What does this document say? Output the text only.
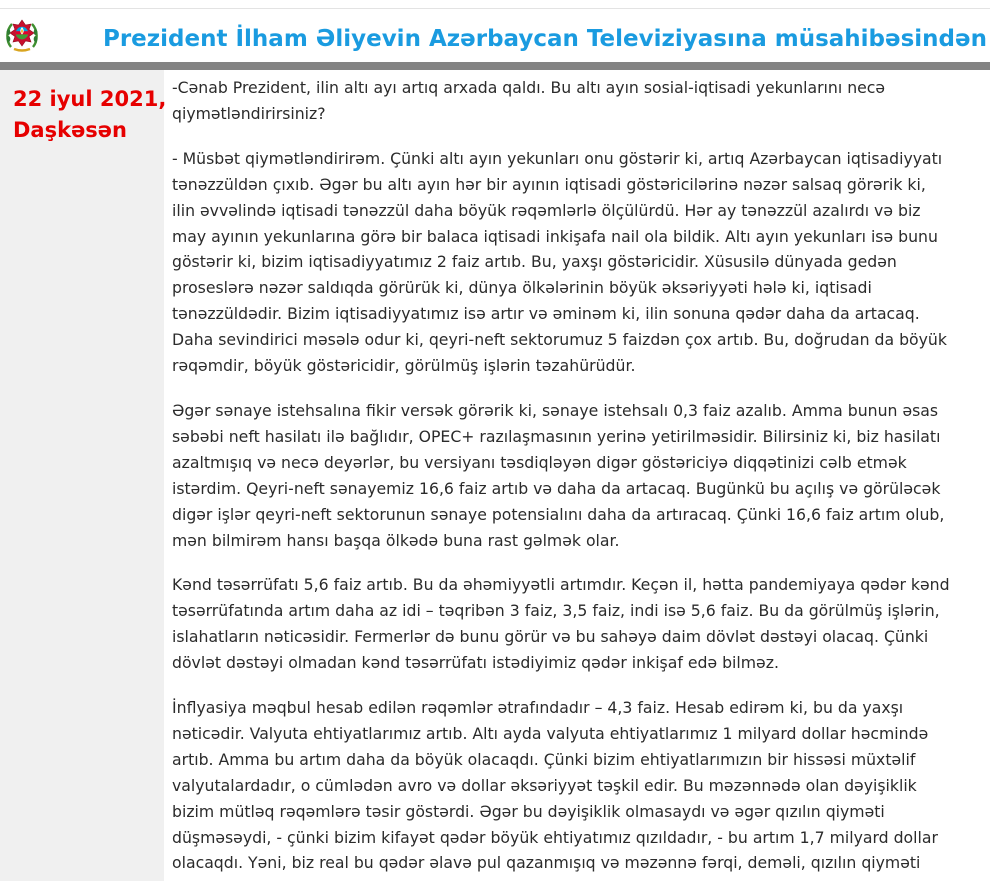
Prezident İlham Əliyevin Azərbaycan Televiziyasına müsahibəsindən
22 iyul 2021,
Daşkəsən

-Cənab Prezident, ilin altı ayı artıq arxada qaldı. Bu altı ayın sosial-iqtisadi yekunlarını necə qiymətləndirirsiniz?

- Müsbət qiymətləndirirəm. Çünki altı ayın yekunları onu göstərir ki, artıq Azərbaycan iqtisadiyyatı tənəzzüldən çıxıb. Əgər bu altı ayın hər bir ayının iqtisadi göstəricilərinə nəzər salsaq görərik ki, ilin əvvəlində iqtisadi tənəzzül daha böyük rəqəmlərlə ölçülürdü. Hər ay tənəzzül azalırdı və biz may ayının yekunlarına görə bir balaca iqtisadi inkişafa nail ola bildik. Altı ayın yekunları isə bunu göstərir ki, bizim iqtisadiyyatımız 2 faiz artıb. Bu, yaxşı göstəricidir. Xüsusilə dünyada gedən proseslərə nəzər saldıqda görürük ki, dünya ölkələrinin böyük əksəriyyəti hələ ki, iqtisadi tənəzzüldədir. Bizim iqtisadiyyatımız isə artır və əminəm ki, ilin sonuna qədər daha da artacaq. Daha sevindirici məsələ odur ki, qeyri-neft sektorumuz 5 faizdən çox artıb. Bu, doğrudan da böyük rəqəmdir, böyük göstəricidir, görülmüş işlərin təzahürüdür.

Əgər sənaye istehsalına fikir versək görərik ki, sənaye istehsalı 0,3 faiz azalıb. Amma bunun əsas səbəbi neft hasilatı ilə bağlıdır, OPEC+ razılaşmasının yerinə yetirilməsidir. Bilirsiniz ki, biz hasilatı azaltmışıq və necə deyərlər, bu versiyanı təsdiqləyən digər göstəriciyə diqqətinizi cəlb etmək istərdim. Qeyri-neft sənayemiz 16,6 faiz artıb və daha da artacaq. Bugünkü bu açılış və görüləcək digər işlər qeyri-neft sektorunun sənaye potensialını daha da artıracaq. Çünki 16,6 faiz artım olub, mən bilmirəm hansı başqa ölkədə buna rast gəlmək olar.

Kənd təsərrüfatı 5,6 faiz artıb. Bu da əhəmiyyətli artımdır. Keçən il, hətta pandemiyaya qədər kənd təsərrüfatında artım daha az idi – təqribən 3 faiz, 3,5 faiz, indi isə 5,6 faiz. Bu da görülmüş işlərin, islahatların nəticəsidir. Fermerlər də bunu görür və bu sahəyə daim dövlət dəstəyi olacaq. Çünki dövlət dəstəyi olmadan kənd təsərrüfatı istədiyimiz qədər inkişaf edə bilməz.

İnflyasiya məqbul hesab edilən rəqəmlər ətrafındadır – 4,3 faiz. Hesab edirəm ki, bu da yaxşı nəticədir. Valyuta ehtiyatlarımız artıb. Altı ayda valyuta ehtiyatlarımız 1 milyard dollar həcmində artıb. Amma bu artım daha da böyük olacaqdı. Çünki bizim ehtiyatlarımızın bir hissəsi müxtəlif valyutalardadır, o cümlədən avro və dollar əksəriyyət təşkil edir. Bu məzənnədə olan dəyişiklik bizim mütləq rəqəmlərə təsir göstərdi. Əgər bu dəyişiklik olmasaydı və əgər qızılın qiyməti düşməsəydi, - çünki bizim kifayət qədər böyük ehtiyatımız qızıldadır, - bu artım 1,7 milyard dollar olacaqdı. Yəni, biz real bu qədər əlavə pul qazanmışıq və məzənnə fərqi, deməli, qızılın qiyməti
